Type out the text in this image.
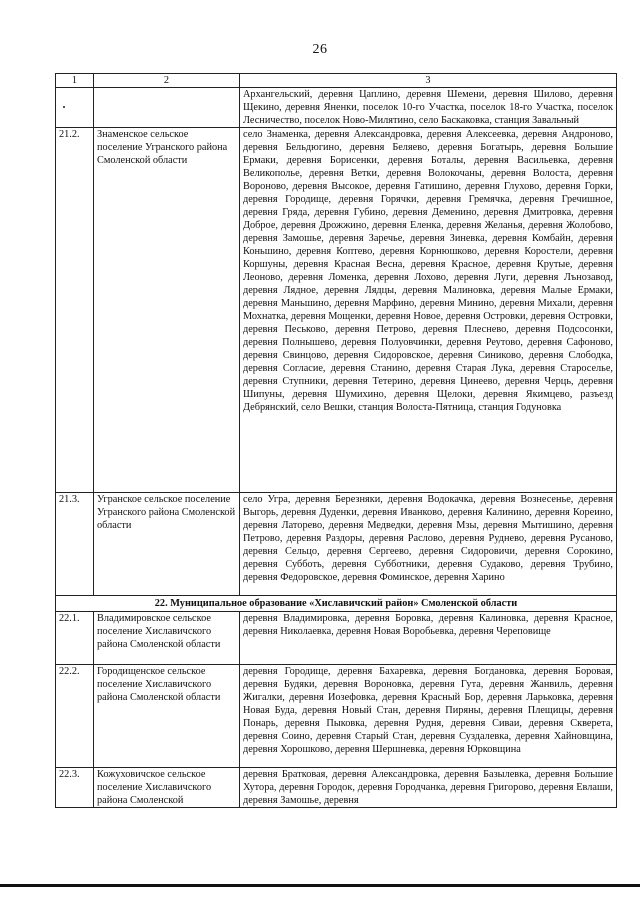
26
1	2	3
		Архангельский, деревня Цаплино, деревня Шемени, деревня Шилово, деревня Щекино, деревня Яненки, поселок 10-го Участка, поселок 18-го Участка, поселок Лесничество, поселок Ново-Милятино, село Баскаковка, станция Завальный
21.2.	Знаменское сельское поселение Угранского района Смоленской области	село Знаменка, деревня Александровка, деревня Алексеевка, деревня Андроново, деревня Бельдюгино, деревня Беляево, деревня Богатырь, деревня Большие Ермаки, деревня Борисенки, деревня Боталы, деревня Васильевка, деревня Великополье, деревня Ветки, деревня Волокочаны, деревня Волоста, деревня Вороново, деревня Высокое, деревня Гатишино, деревня Глухово, деревня Горки, деревня Городище, деревня Горячки, деревня Гремячка, деревня Гречишное, деревня Гряда, деревня Губино, деревня Деменино, деревня Дмитровка, деревня Доброе, деревня Дрожжино, деревня Еленка, деревня Желанья, деревня Жолобово, деревня Замошье, деревня Заречье, деревня Зиневка, деревня Комбайн, деревня Коньшино, деревня Коптево, деревня Корнюшково, деревня Коростели, деревня Коршуны, деревня Красная Весна, деревня Красное, деревня Крутые, деревня Леоново, деревня Ломенка, деревня Лохово, деревня Луги, деревня Лънозавод, деревня Лядное, деревня Лядцы, деревня Малиновка, деревня Малые Ермаки, деревня Маньшино, деревня Марфино, деревня Минино, деревня Михали, деревня Мохнатка, деревня Мощенки, деревня Новое, деревня Островки, деревня Островки, деревня Песьково, деревня Петрово, деревня Плеснево, деревня Подсосонки, деревня Полнышево, деревня Полуовчинки, деревня Реутово, деревня Сафоново, деревня Свинцово, деревня Сидоровское, деревня Синиково, деревня Слободка, деревня Согласие, деревня Станино, деревня Старая Лука, деревня Староселье, деревня Ступники, деревня Тетерино, деревня Цинеево, деревня Черць, деревня Шипуны, деревня Шумихино, деревня Щелоки, деревня Якимцево, разъезд Дебрянский, село Вешки, станция Волоста-Пятница, станция Годуновка
21.3.	Угранское сельское поселение Угранского района Смоленской области	село Угра, деревня Березняки, деревня Водокачка, деревня Вознесенье, деревня Выгорь, деревня Дуденки, деревня Иванково, деревня Калинино, деревня Кореино, деревня Латорево, деревня Медведки, деревня Мзы, деревня Мытишино, деревня Петрово, деревня Раздоры, деревня Раслово, деревня Руднево, деревня Русаново, деревня Сельцо, деревня Сергеево, деревня Сидоровичи, деревня Сорокино, деревня Субботь, деревня Субботники, деревня Судаково, деревня Трубино, деревня Федоровское, деревня Фоминское, деревня Харино
22. Муниципальное образование «Хиславичский район» Смоленской области		
22.1.	Владимировское сельское поселение Хиславичского района Смоленской области	деревня Владимировка, деревня Боровка, деревня Калиновка, деревня Красное, деревня Николаевка, деревня Новая Воробьевка, деревня Череповище
22.2.	Городищенское сельское поселение Хиславичского района Смоленской области	деревня Городище, деревня Бахаревка, деревня Богдановка, деревня Боровая, деревня Будяки, деревня Вороновка, деревня Гута, деревня Жанвиль, деревня Жигалки, деревня Иозефовка, деревня Красный Бор, деревня Ларьковка, деревня Новая Буда, деревня Новый Стан, деревня Пиряны, деревня Плещицы, деревня Понарь, деревня Пыковка, деревня Рудня, деревня Сиваи, деревня Скверета, деревня Соино, деревня Старый Стан, деревня Суздалевка, деревня Хайновщина, деревня Хорошково, деревня Шершневка, деревня Юрковщина
22.3.	Кожуховичское сельское поселение Хиславичского района Смоленской	деревня Братковая, деревня Александровка, деревня Базылевка, деревня Большие Хутора, деревня Городок, деревня Городчанка, деревня Григорово, деревня Евлаши, деревня Замошье, деревня
